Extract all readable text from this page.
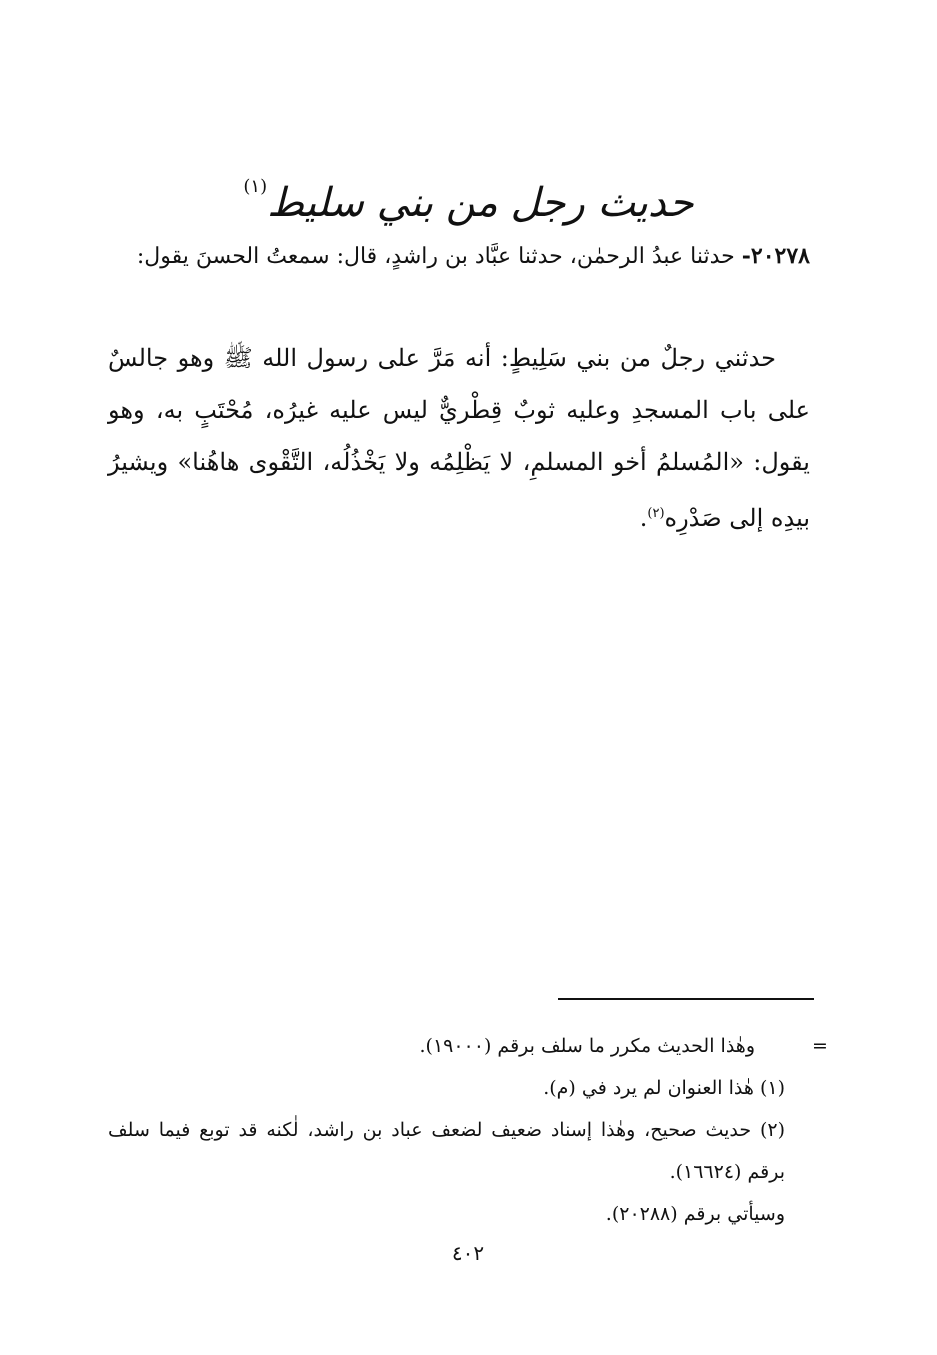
حديث رجل من بني سليط$^{(١)}$
٢٠٢٧٨- حدثنا عبدُ الرحمٰن، حدثنا عبَّاد بن راشدٍ، قال: سمعتُ الحسنَ يقول:
حدثني رجلٌ من بني سَلِيطٍ: أنه مَرَّ على رسول الله ﷺ وهو جالسٌ على باب المسجدِ وعليه ثوبٌ قِطْريٌّ ليس عليه غيرُه، مُحْتَبٍ به، وهو يقول: «المُسلمُ أخو المسلمِ، لا يَظْلِمُه ولا يَخْذُلُه، التَّقْوى هاهُنا» ويشيرُ بيدِه إلى صَدْرِه$^{(٢)}$.
=
وهٰذا الحديث مكرر ما سلف برقم (١٩٠٠٠).
(١) هٰذا العنوان لم يرد في (م).
(٢) حديث صحيح، وهٰذا إسناد ضعيف لضعف عباد بن راشد، لٰكنه قد توبع فيما سلف برقم (١٦٦٢٤).
وسيأتي برقم (٢٠٢٨٨).
٤٠٢
